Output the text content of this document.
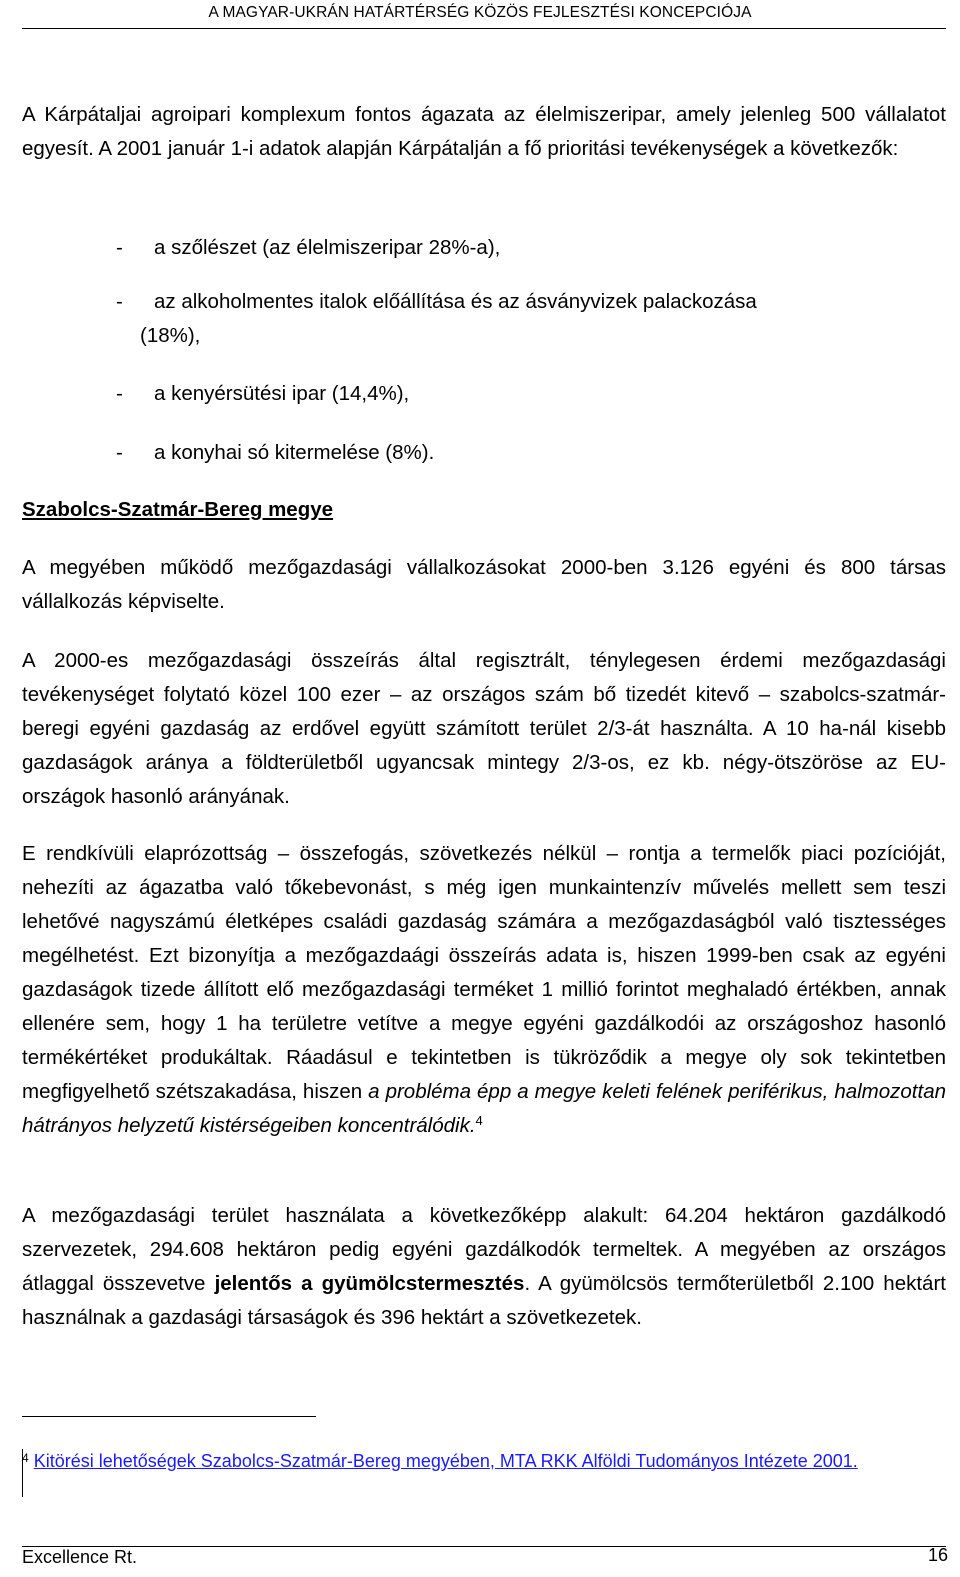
A MAGYAR-UKRÁN HATÁRTÉRSÉG KÖZÖS FEJLESZTÉSI KONCEPCIÓJA

A Kárpátaljai agroipari komplexum fontos ágazata az élelmiszeripar, amely jelenleg 500 vállalatot egyesít. A 2001 január 1-i adatok alapján Kárpátalján a fő prioritási tevékenységek a következők:

- a szőlészet (az élelmiszeripar 28%-a),
- az alkoholmentes italok előállítása és az ásványvizek palackozása
(18%),
- a kenyérsütési ipar (14,4%),
- a konyhai só kitermelése (8%).
Szabolcs-Szatmár-Bereg megye

A megyében működő mezőgazdasági vállalkozásokat 2000-ben 3.126 egyéni és 800 társas vállalkozás képviselte.

A 2000-es mezőgazdasági összeírás által regisztrált, ténylegesen érdemi mezőgazdasági tevékenységet folytató közel 100 ezer – az országos szám bő tizedét kitevő – szabolcs-szatmár-beregi egyéni gazdaság az erdővel együtt számított terület 2/3-át használta. A 10 ha-nál kisebb gazdaságok aránya a földterületből ugyancsak mintegy 2/3-os, ez kb. négy-ötszöröse az EU-országok hasonló arányának.

E rendkívüli elaprózottság – összefogás, szövetkezés nélkül – rontja a termelők piaci pozícióját, nehezíti az ágazatba való tőkebevonást, s még igen munkaintenzív művelés mellett sem teszi lehetővé nagyszámú életképes családi gazdaság számára a mezőgazdaságból való tisztességes megélhetést. Ezt bizonyítja a mezőgazdaági összeírás adata is, hiszen 1999-ben csak az egyéni gazdaságok tizede állított elő mezőgazdasági terméket 1 millió forintot meghaladó értékben, annak ellenére sem, hogy 1 ha területre vetítve a megye egyéni gazdálkodói az országoshoz hasonló termékértéket produkáltak. Ráadásul e tekintetben is tükröződik a megye oly sok tekintetben megfigyelhető szétszakadása, hiszen a probléma épp a megye keleti felének periférikus, halmozottan hátrányos helyzetű kistérségeiben koncentrálódik.$^4$

A mezőgazdasági terület használata a következőképp alakult: 64.204 hektáron gazdálkodó szervezetek, 294.608 hektáron pedig egyéni gazdálkodók termeltek. A megyében az országos átlaggal összevetve jelentős a gyümölcstermesztés. A gyümölcsös termőterületből 2.100 hektárt használnak a gazdasági társaságok és 396 hektárt a szövetkezetek.

$^4$ Kitörési lehetőségek Szabolcs-Szatmár-Bereg megyében, MTA RKK Alföldi Tudományos Intézete 2001.
Excellence Rt.	16
